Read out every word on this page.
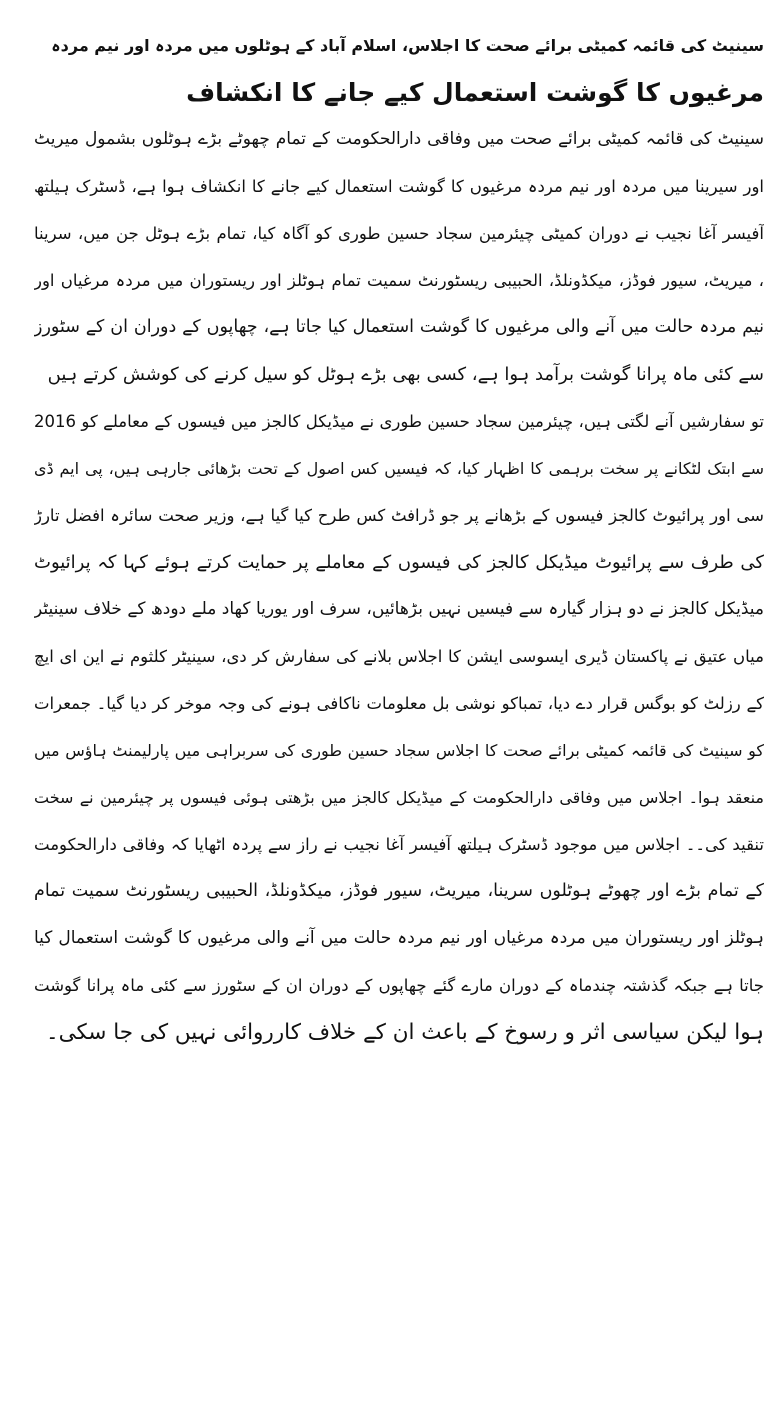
سینیٹ کی قائمہ کمیٹی برائے صحت کا اجلاس، اسلام آباد کے ہوٹلوں میں مردہ اور نیم مردہ
مرغیوں کا گوشت استعمال کیے جانے کا انکشاف
سینیٹ کی قائمہ کمیٹی برائے صحت میں وفاقی دارالحکومت کے تمام چھوٹے بڑے ہوٹلوں بشمول میریٹ
اور سیرینا میں مردہ اور نیم مردہ مرغیوں کا گوشت استعمال کیے جانے کا انکشاف ہوا ہے، ڈسٹرک ہیلتھ
آفیسر آغا نجیب نے دوران کمیٹی چیئرمین سجاد حسین طوری کو آگاہ کیا، تمام بڑے ہوٹل جن میں، سرینا
، میریٹ، سیور فوڈز، میکڈونلڈ، الحبیبی ریسٹورنٹ سمیت تمام ہوٹلز اور ریستوران میں مردہ مرغیاں اور
نیم مردہ حالت میں آنے والی مرغیوں کا گوشت استعمال کیا جاتا ہے، چھاپوں کے دوران ان کے سٹورز
سے کئی ماہ پرانا گوشت برآمد ہوا ہے، کسی بھی بڑے ہوٹل کو سیل کرنے کی کوشش کرتے ہیں
تو سفارشیں آنے لگتی ہیں، چیئرمین سجاد حسین طوری نے میڈیکل کالجز میں فیسوں کے معاملے کو 2016
سے ابتک لٹکانے پر سخت برہمی کا اظہار کیا، کہ فیسیں کس اصول کے تحت بڑھائی جارہی ہیں، پی ایم ڈی
سی اور پرائیوٹ کالجز فیسوں کے بڑھانے پر جو ڈرافٹ کس طرح کیا گیا ہے، وزیر صحت سائرہ افضل تارڑ
کی طرف سے پرائیوٹ میڈیکل کالجز کی فیسوں کے معاملے پر حمایت کرتے ہوئے کہا کہ پرائیوٹ
میڈیکل کالجز نے دو ہزار گیارہ سے فیسیں نہیں بڑھائیں، سرف اور یوریا کھاد ملے دودھ کے خلاف سینیٹر
میاں عتیق نے پاکستان ڈیری ایسوسی ایشن کا اجلاس بلانے کی سفارش کر دی، سینیٹر کلثوم نے این ای ایچ
کے رزلٹ کو بوگس قرار دے دیا، تمباکو نوشی بل معلومات ناکافی ہونے کی وجہ موخر کر دیا گیا۔ جمعرات
کو سینیٹ کی قائمہ کمیٹی برائے صحت کا اجلاس سجاد حسین طوری کی سربراہی میں پارلیمنٹ ہاؤس میں
منعقد ہوا۔ اجلاس میں وفاقی دارالحکومت کے میڈیکل کالجز میں بڑھتی ہوئی فیسوں پر چیئرمین نے سخت
تنقید کی۔۔ اجلاس میں موجود ڈسٹرک ہیلتھ آفیسر آغا نجیب نے راز سے پردہ اٹھایا کہ وفاقی دارالحکومت
کے تمام بڑے اور چھوٹے ہوٹلوں سرینا، میریٹ، سیور فوڈز، میکڈونلڈ، الحبیبی ریسٹورنٹ سمیت تمام
ہوٹلز اور ریستوران میں مردہ مرغیاں اور نیم مردہ حالت میں آنے والی مرغیوں کا گوشت استعمال کیا
جاتا ہے جبکہ گذشتہ چندماہ کے دوران مارے گئے چھاپوں کے دوران ان کے سٹورز سے کئی ماہ پرانا گوشت
ہوا لیکن سیاسی اثر و رسوخ کے باعث ان کے خلاف کارروائی نہیں کی جا سکی۔
